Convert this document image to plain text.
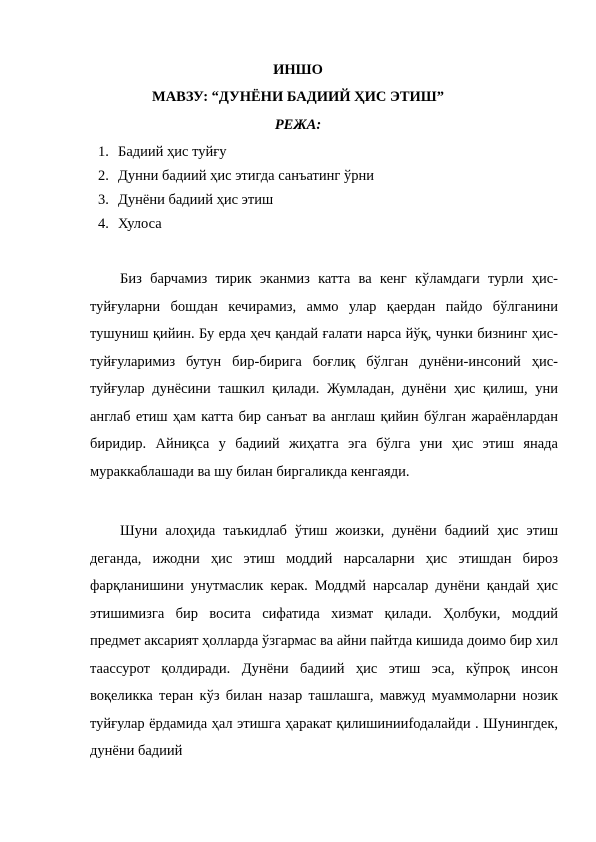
ИНШО
МАВЗУ: “ДУНЁНИ БАДИИЙ ҲИС ЭТИШ”
РЕЖА:
1. Бадиий ҳис туйғу
2. Дунни бадиий ҳис этигда санъатинг ўрни
3. Дунёни бадиий ҳис этиш
4. Хулоса

Биз барчамиз тирик эканмиз катта ва кенг кўламдаги турли ҳис-туйғуларни бошдан кечирамиз, аммо улар қаердан пайдо бўлганини тушуниш қийин. Бу ерда ҳеч қандай ғалати нарса йўқ, чунки бизнинг ҳис-туйғуларимиз бутун бир-бирига боғлиқ бўлган дунёни-инсоний ҳис-туйғулар дунёсини ташкил қилади. Жумладан, дунёни ҳис қилиш, уни англаб етиш ҳам катта бир санъат ва англаш қийин бўлган жараёнлардан биридир. Айниқса у бадиий жиҳатга эга бўлга уни ҳис этиш янада мураккаблашади ва шу билан биргаликда кенгаяди.

Шуни алоҳида таъкидлаб ўтиш жоизки, дунёни бадиий ҳис этиш деганда, ижодни ҳис этиш моддий нарсаларни ҳис этишдан бироз фарқланишини унутмаслик керак. Моддмй нарсалар дунёни қандай ҳис этишимизга бир восита сифатида хизмат қилади. Ҳолбуки, моддий предмет аксарият ҳолларда ўзгармас ва айни пайтда кишида доимо бир хил таассурот қолдиради. Дунёни бадиий ҳис этиш эса, кўпроқ инсон воқеликка теран кўз билан назар ташлашга, мавжуд муаммоларни нозик туйғулар ёрдамида ҳал этишга ҳаракат қилишинииfодалайди . Шунингдек, дунёни бадиий
